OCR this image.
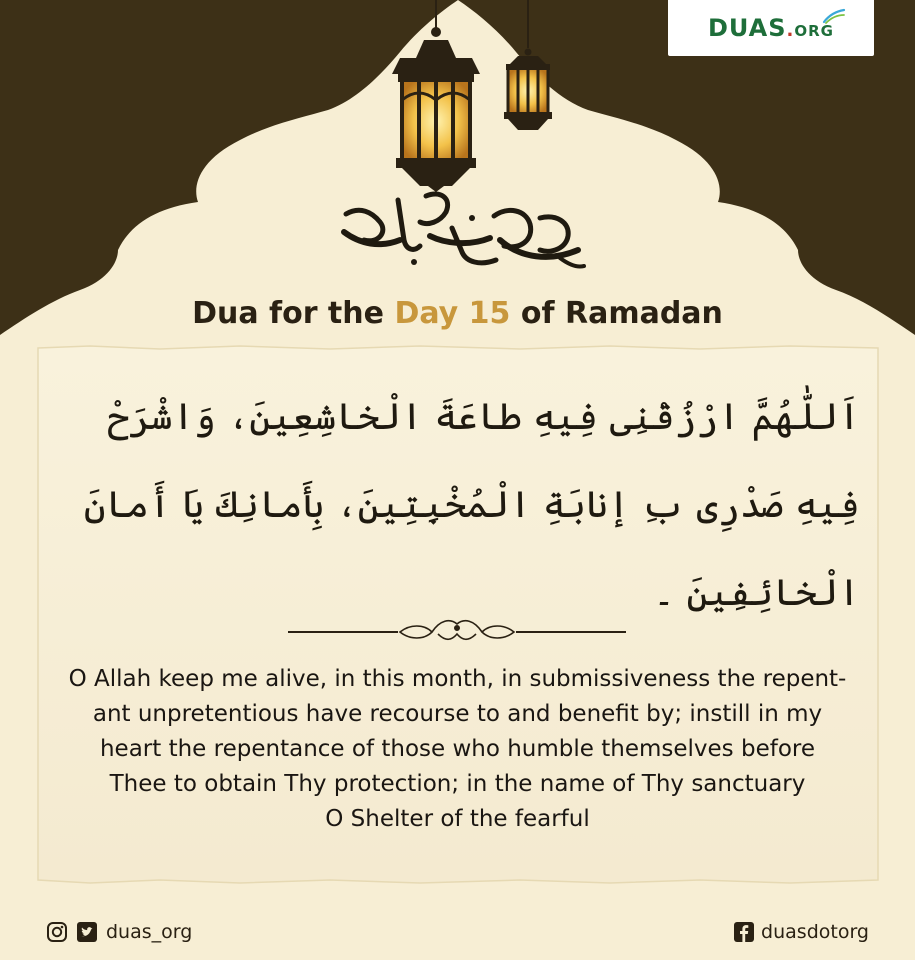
DUAS.ORG
Dua for the Day 15 of Ramadan
اَللّٰهُمَّ ارْزُقْنِى فِيهِ طاعَةَ الْخاشِعِينَ، وَاشْرَحْ فِيهِ صَدْرِى بِ إنابَةِ الْمُخْبِتِينَ، بِأَمانِكَ يَا أَمانَ الْخائِفِينَ ۔
O Allah keep me alive, in this month, in submissiveness the repent-
ant unpretentious have recourse to and benefit by; instill in my
heart the repentance of those who humble themselves before
Thee to obtain Thy protection; in the name of Thy sanctuary
O Shelter of the fearful
duas_org	duasdotorg
